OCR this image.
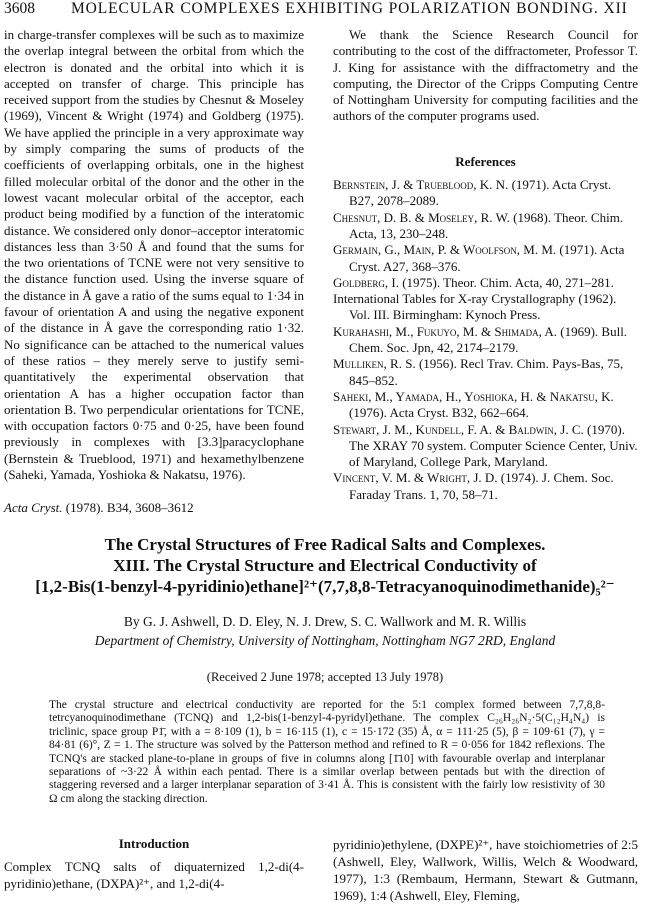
3608 MOLECULAR COMPLEXES EXHIBITING POLARIZATION BONDING. XII

in charge-transfer complexes will be such as to maximize the overlap integral between the orbital from which the electron is donated and the orbital into which it is accepted on transfer of charge. This principle has received support from the studies by Chesnut & Moseley (1969), Vincent & Wright (1974) and Goldberg (1975). We have applied the principle in a very approximate way by simply comparing the sums of products of the coefficients of overlapping orbitals, one in the highest filled molecular orbital of the donor and the other in the lowest vacant molecular orbital of the acceptor, each product being modified by a function of the interatomic distance. We considered only donor–acceptor interatomic distances less than 3·50 Å and found that the sums for the two orientations of TCNE were not very sensitive to the distance function used. Using the inverse square of the distance in Å gave a ratio of the sums equal to 1·34 in favour of orientation A and using the negative exponent of the distance in Å gave the corresponding ratio 1·32. No significance can be attached to the numerical values of these ratios – they merely serve to justify semi-quantitatively the experimental observation that orientation A has a higher occupation factor than orientation B. Two perpendicular orientations for TCNE, with occupation factors 0·75 and 0·25, have been found previously in complexes with [3.3]paracyclophane (Bernstein & Trueblood, 1971) and hexamethylbenzene (Saheki, Yamada, Yoshioka & Nakatsu, 1976).

We thank the Science Research Council for contributing to the cost of the diffractometer, Professor T. J. King for assistance with the diffractometry and the computing, the Director of the Cripps Computing Centre of Nottingham University for computing facilities and the authors of the computer programs used.

References

Bernstein, J. & Trueblood, K. N. (1971). Acta Cryst. B27, 2078–2089.

Chesnut, D. B. & Moseley, R. W. (1968). Theor. Chim. Acta, 13, 230–248.

Germain, G., Main, P. & Woolfson, M. M. (1971). Acta Cryst. A27, 368–376.

Goldberg, I. (1975). Theor. Chim. Acta, 40, 271–281.

International Tables for X-ray Crystallography (1962). Vol. III. Birmingham: Kynoch Press.

Kurahashi, M., Fukuyo, M. & Shimada, A. (1969). Bull. Chem. Soc. Jpn, 42, 2174–2179.

Mulliken, R. S. (1956). Recl Trav. Chim. Pays-Bas, 75, 845–852.

Saheki, M., Yamada, H., Yoshioka, H. & Nakatsu, K. (1976). Acta Cryst. B32, 662–664.

Stewart, J. M., Kundell, F. A. & Baldwin, J. C. (1970). The XRAY 70 system. Computer Science Center, Univ. of Maryland, College Park, Maryland.

Vincent, V. M. & Wright, J. D. (1974). J. Chem. Soc. Faraday Trans. 1, 70, 58–71.

Acta Cryst. (1978). B34, 3608–3612
The Crystal Structures of Free Radical Salts and Complexes.
XIII. The Crystal Structure and Electrical Conductivity of
[1,2-Bis(1-benzyl-4-pyridinio)ethane]²⁺(7,7,8,8-Tetracyanoquinodimethanide)₅²⁻
By G. J. Ashwell, D. D. Eley, N. J. Drew, S. C. Wallwork and M. R. Willis
Department of Chemistry, University of Nottingham, Nottingham NG7 2RD, England
(Received 2 June 1978; accepted 13 July 1978)
The crystal structure and electrical conductivity are reported for the 5:1 complex formed between 7,7,8,8-tetrcyanoquinodimethane (TCNQ) and 1,2-bis(1-benzyl-4-pyridyl)ethane. The complex C₂₆H₂₆N₂·5(C₁₂H₄N₄) is triclinic, space group P1̄, with a = 8·109 (1), b = 16·115 (1), c = 15·172 (35) Å, α = 111·25 (5), β = 109·61 (7), γ = 84·81 (6)°, Z = 1. The structure was solved by the Patterson method and refined to R = 0·056 for 1842 reflexions. The TCNQ's are stacked plane-to-plane in groups of five in columns along [1̄10] with favourable overlap and interplanar separations of ~3·22 Å within each pentad. There is a similar overlap between pentads but with the direction of staggering reversed and a larger interplanar separation of 3·41 Å. This is consistent with the fairly low resistivity of 30 Ω cm along the stacking direction.
Introduction
Complex TCNQ salts of diquaternized 1,2-di(4-pyridinio)ethane, (DXPA)²⁺, and 1,2-di(4-
pyridinio)ethylene, (DXPE)²⁺, have stoichiometries of 2:5 (Ashwell, Eley, Wallwork, Willis, Welch & Woodward, 1977), 1:3 (Rembaum, Hermann, Stewart & Gutmann, 1969), 1:4 (Ashwell, Eley, Fleming,
